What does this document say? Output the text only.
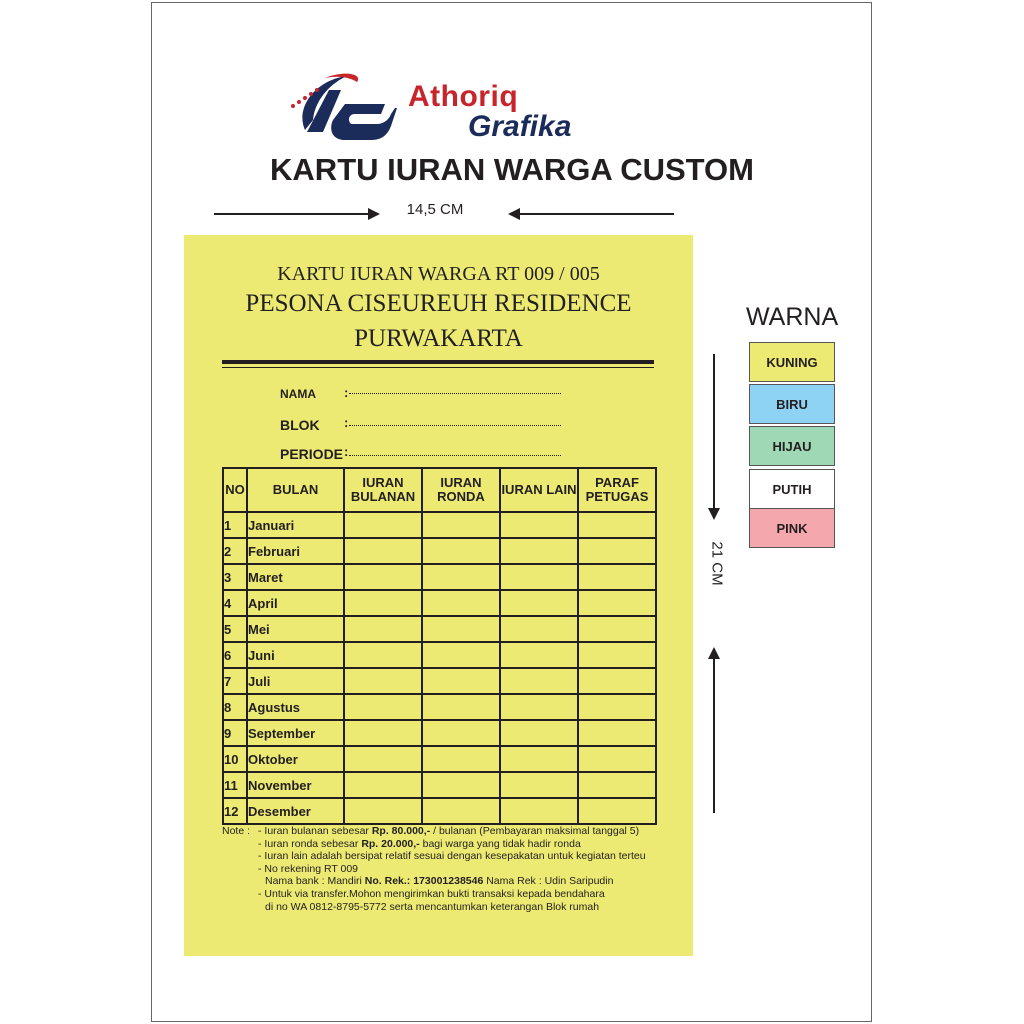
Athoriq
Grafika
KARTU IURAN WARGA CUSTOM
14,5 CM
KARTU IURAN WARGA RT 009 / 005
PESONA CISEUREUH RESIDENCE
PURWAKARTA
NAMA :
BLOK :
PERIODE :
NO	BULAN	IURAN BULANAN	IURAN RONDA	IURAN LAIN	PARAF PETUGAS
1	Januari				
2	Februari				
3	Maret				
4	April				
5	Mei				
6	Juni				
7	Juli				
8	Agustus				
9	September				
10	Oktober				
11	November				
12	Desember				
Note : - Iuran bulanan sebesar Rp. 80.000,- / bulanan (Pembayaran maksimal tanggal 5)
- Iuran ronda sebesar Rp. 20.000,- bagi warga yang tidak hadir ronda
- Iuran lain adalah bersipat relatif sesuai dengan kesepakatan untuk kegiatan terteu
- No rekening RT 009
Nama bank : Mandiri No. Rek.: 173001238546 Nama Rek : Udin Saripudin
- Untuk via transfer.Mohon mengirimkan bukti transaksi kepada bendahara
di no WA 0812-8795-5772 serta mencantumkan keterangan Blok rumah
21 CM
WARNA
KUNING
BIRU
HIJAU
PUTIH
PINK
